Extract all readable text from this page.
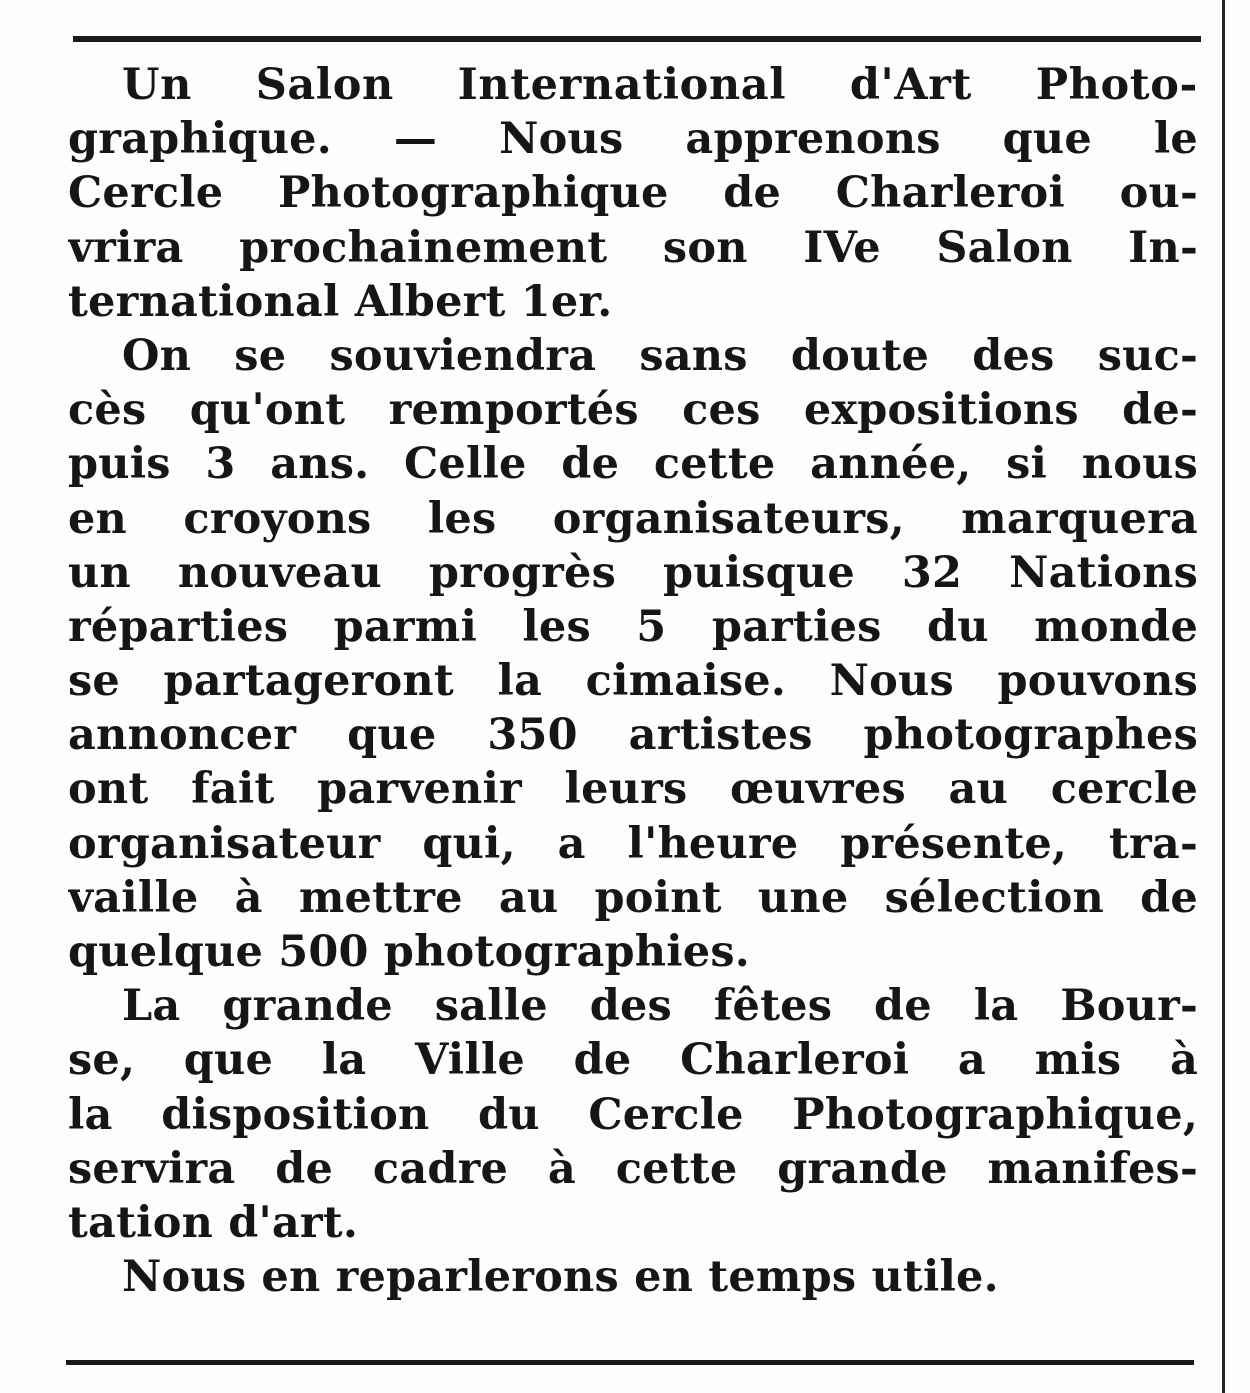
Un Salon International d'Art Photo-
graphique. — Nous apprenons que le
Cercle Photographique de Charleroi ou-
vrira prochainement son IVe Salon In-
ternational Albert 1er.
On se souviendra sans doute des suc-
cès qu'ont remportés ces expositions de-
puis 3 ans. Celle de cette année, si nous
en croyons les organisateurs, marquera
un nouveau progrès puisque 32 Nations
réparties parmi les 5 parties du monde
se partageront la cimaise. Nous pouvons
annoncer que 350 artistes photographes
ont fait parvenir leurs œuvres au cercle
organisateur qui, a l'heure présente, tra-
vaille à mettre au point une sélection de
quelque 500 photographies.
La grande salle des fêtes de la Bour-
se, que la Ville de Charleroi a mis à
la disposition du Cercle Photographique,
servira de cadre à cette grande manifes-
tation d'art.
Nous en reparlerons en temps utile.
